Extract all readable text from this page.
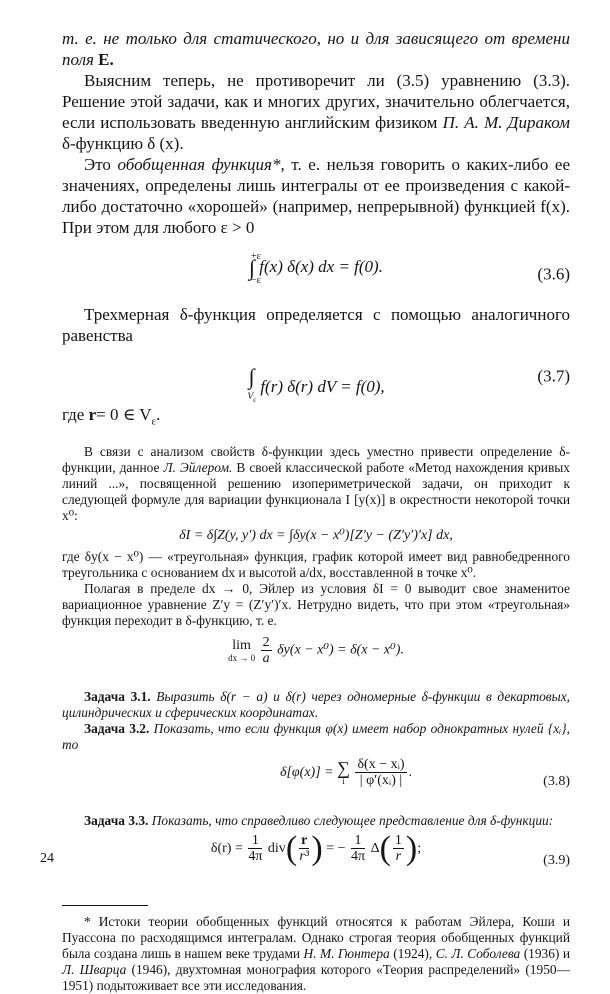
т. е. не только для статического, но и для зависящего от времени поля E.

Выясним теперь, не противоречит ли (3.5) уравнению (3.3). Решение этой задачи, как и многих других, значительно облегчается, если использовать введенную английским физиком П. А. М. Дираком δ-функцию δ (x).

Это обобщенная функция*, т. е. нельзя говорить о каких-либо ее значениях, определены лишь интегралы от ее произведения с какой-либо достаточно «хорошей» (например, непрерывной) функцией f(x). При этом для любого ε > 0

+ε
∫
−ε
f(x) δ(x) dx = f(0).	(3.6)

Трехмерная δ-функция определяется с помощью аналогичного равенства

∫
$V_\varepsilon$
f(r) δ(r) dV = f(0),
(3.7)

где r= 0 ∈ $V_\varepsilon$.

В связи с анализом свойств δ-функции здесь уместно привести определение δ-функции, данное Л. Эйлером. В своей классической работе «Метод нахождения кривых линий ...», посвященной решению изопериметрической задачи, он приходит к следующей формуле для вариации функционала I [y(x)] в окрестности некоторой точки x⁰:

δI = δ∫Z(y, y′) dx = ∫δy(x − x⁰)[Z′y − (Z′y′)′x] dx,

где δy(x − x⁰) — «треугольная» функция, график которой имеет вид равнобедренного треугольника с основанием dx и высотой a/dx, восставленной в точке x⁰.

Полагая в пределе dx → 0, Эйлер из условия δI = 0 выводит свое знаменитое вариационное уравнение Z′y = (Z′y′)′x. Нетрудно видеть, что при этом «треугольная» функция переходит в δ-функцию, т. е.

lim
dx → 0
$\frac{2}{a} \delta y(x - x^0) = \delta(x - x^0)$.

Задача 3.1. Выразить δ(r − a) и δ(r) через одномерные δ-функции в декартовых, цилиндрических и сферических координатах.

Задача 3.2. Показать, что если функция φ(x) имеет набор однократных нулей {xᵢ}, то

δ[φ(x)] = ∑
i
$\frac{\text{δ(x − xᵢ)}}{\text{| φ′(xᵢ) |}}$ .
(3.8)

Задача 3.3. Показать, что справедливо следующее представление для δ-функции:

$\delta(r) = \frac{1}{4\pi} div( \frac{r}{\text{r³}}$ ) = − $\frac{1}{4\pi} \Delta( \frac{1}{r}$ );
(3.9)

* Истоки теории обобщенных функций относятся к работам Эйлера, Коши и Пуассона по расходящимся интегралам. Однако строгая теория обобщенных функций была создана лишь в нашем веке трудами Н. М. Гюнтера (1924), С. Л. Соболева (1936) и Л. Шварца (1946), двухтомная монография которого «Теория распределений» (1950—1951) подытоживает все эти исследования.

24
